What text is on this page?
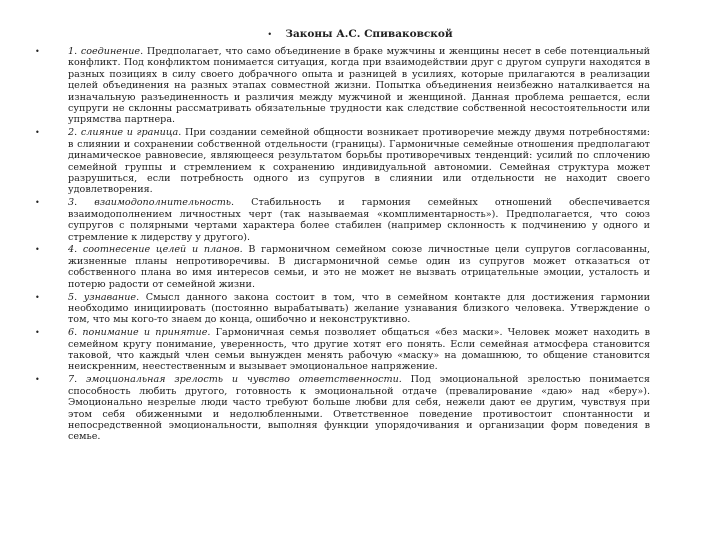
• Законы А.С. Спиваковской
•	1. соединение. Предполагает, что само объединение в браке мужчины и женщины несет в себе потенциальный конфликт. Под конфликтом понимается ситуация, когда при взаимодействии друг с другом супруги находятся в разных позициях в силу своего добрачного опыта и разницей в усилиях, которые прилагаются в реализации целей объединения на разных этапах совместной жизни. Попытка объединения неизбежно наталкивается на изначальную разъединенность и различия между мужчиной и женщиной. Данная проблема решается, если супруги не склонны рассматривать обязательные трудности как следствие собственной несостоятельности или упрямства партнера.
•	2. слияние и граница. При создании семейной общности возникает противоречие между двумя потребностями: в слиянии и сохранении собственной отдельности (границы). Гармоничные семейные отношения предполагают динамическое равновесие, являющееся результатом борьбы противоречивых тенденций: усилий по сплочению семейной группы и стремлением к сохранению индивидуальной автономии. Семейная структура может разрушиться, если потребность одного из супругов в слиянии или отдельности не находит своего удовлетворения.
•	3. взаимодополнительность. Стабильность и гармония семейных отношений обеспечивается взаимодополнением личностных черт (так называемая «комплиментарность»). Предполагается, что союз супругов с полярными чертами характера более стабилен (например склонность к подчинению у одного и стремление к лидерству у другого).
•	4. соотнесение целей и планов. В гармоничном семейном союзе личностные цели супругов согласованны, жизненные планы непротиворечивы. В дисгармоничной семье один из супругов может отказаться от собственного плана во имя интересов семьи, и это не может не вызвать отрицательные эмоции, усталость и потерю радости от семейной жизни.
•	5. узнавание. Смысл данного закона состоит в том, что в семейном контакте для достижения гармонии необходимо инициировать (постоянно вырабатывать) желание узнавания близкого человека. Утверждение о том, что мы кого-то знаем до конца, ошибочно и неконструктивно.
•	6. понимание и принятие. Гармоничная семья позволяет общаться «без маски». Человек может находить в семейном кругу понимание, уверенность, что другие хотят его понять. Если семейная атмосфера становится таковой, что каждый член семьи вынужден менять рабочую «маску» на домашнюю, то общение становится неискренним, неестественным и вызывает эмоциональное напряжение.
•	7. эмоциональная зрелость и чувство ответственности. Под эмоциональной зрелостью понимается способность любить другого, готовность к эмоциональной отдаче (превалирование «даю» над «беру»). Эмоционально незрелые люди часто требуют больше любви для себя, нежели дают ее другим, чувствуя при этом себя обиженными и недолюбленными. Ответственное поведение противостоит спонтанности и непосредственной эмоциональности, выполняя функции упорядочивания и организации форм поведения в семье.
